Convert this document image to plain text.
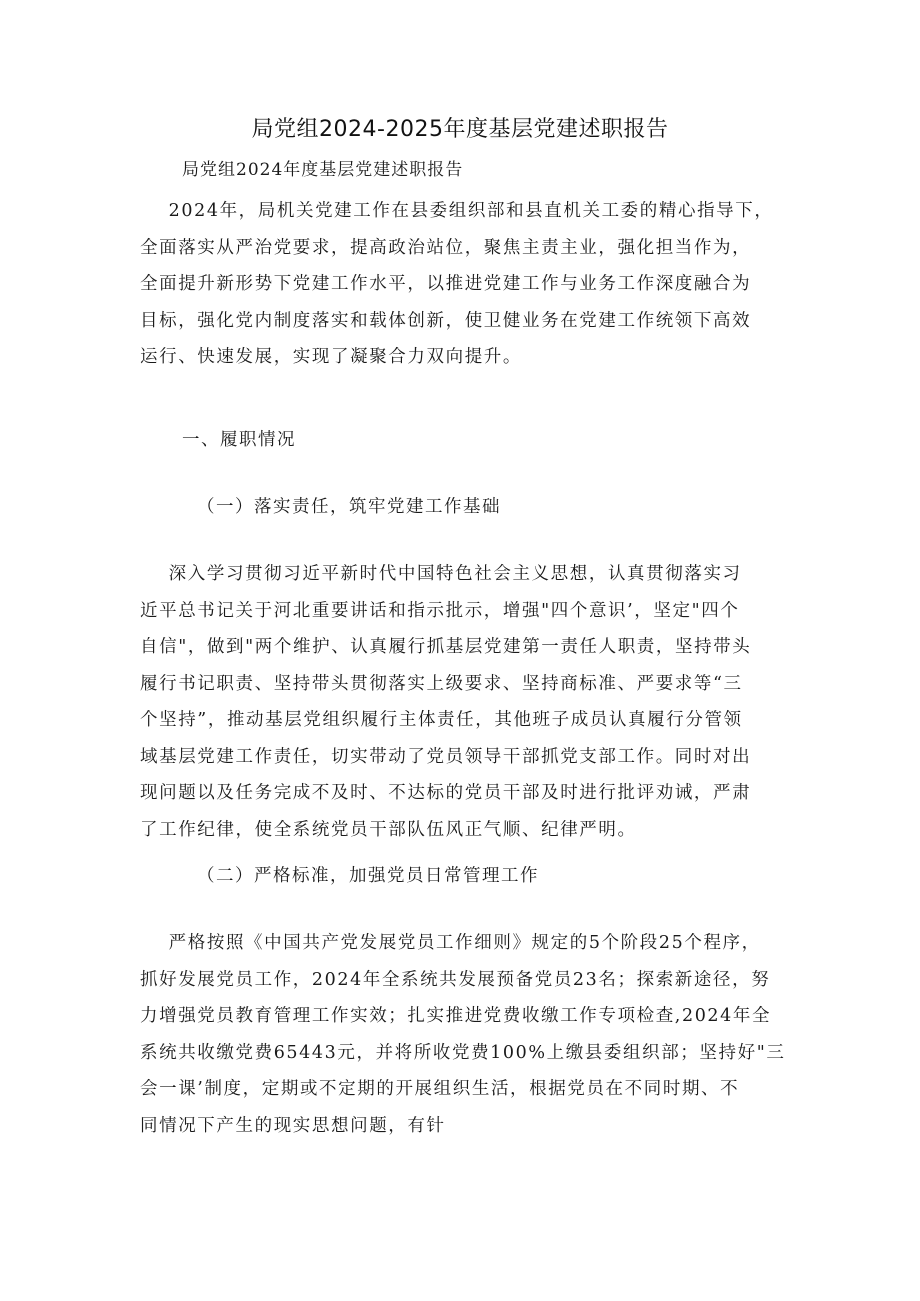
局党组2024-2025年度基层党建述职报告
局党组2024年度基层党建述职报告
2024年，局机关党建工作在县委组织部和县直机关工委的精心指导下，
全面落实从严治党要求，提高政治站位，聚焦主责主业，强化担当作为，
全面提升新形势下党建工作水平，以推进党建工作与业务工作深度融合为
目标，强化党内制度落实和载体创新，使卫健业务在党建工作统领下高效
运行、快速发展，实现了凝聚合力双向提升。
一、履职情况
（一）落实责任，筑牢党建工作基础
深入学习贯彻习近平新时代中国特色社会主义思想，认真贯彻落实习
近平总书记关于河北重要讲话和指示批示，增强"四个意识’，坚定"四个
自信"，做到"两个维护、认真履行抓基层党建第一责任人职责，坚持带头
履行书记职责、坚持带头贯彻落实上级要求、坚持商标准、严要求等“三
个坚持”，推动基层党组织履行主体责任，其他班子成员认真履行分管领
域基层党建工作责任，切实带动了党员领导干部抓党支部工作。同时对出
现问题以及任务完成不及时、不达标的党员干部及时进行批评劝诫，严肃
了工作纪律，使全系统党员干部队伍风正气顺、纪律严明。
（二）严格标准，加强党员日常管理工作
严格按照《中国共产党发展党员工作细则》规定的5个阶段25个程序，
抓好发展党员工作，2024年全系统共发展预备党员23名；探索新途径，努
力增强党员教育管理工作实效；扎实推进党费收缴工作专项检查,2024年全
系统共收缴党费65443元，并将所收党费100%上缴县委组织部；坚持好"三
会一课’制度，定期或不定期的开展组织生活，根据党员在不同时期、不
同情况下产生的现实思想问题，有针
